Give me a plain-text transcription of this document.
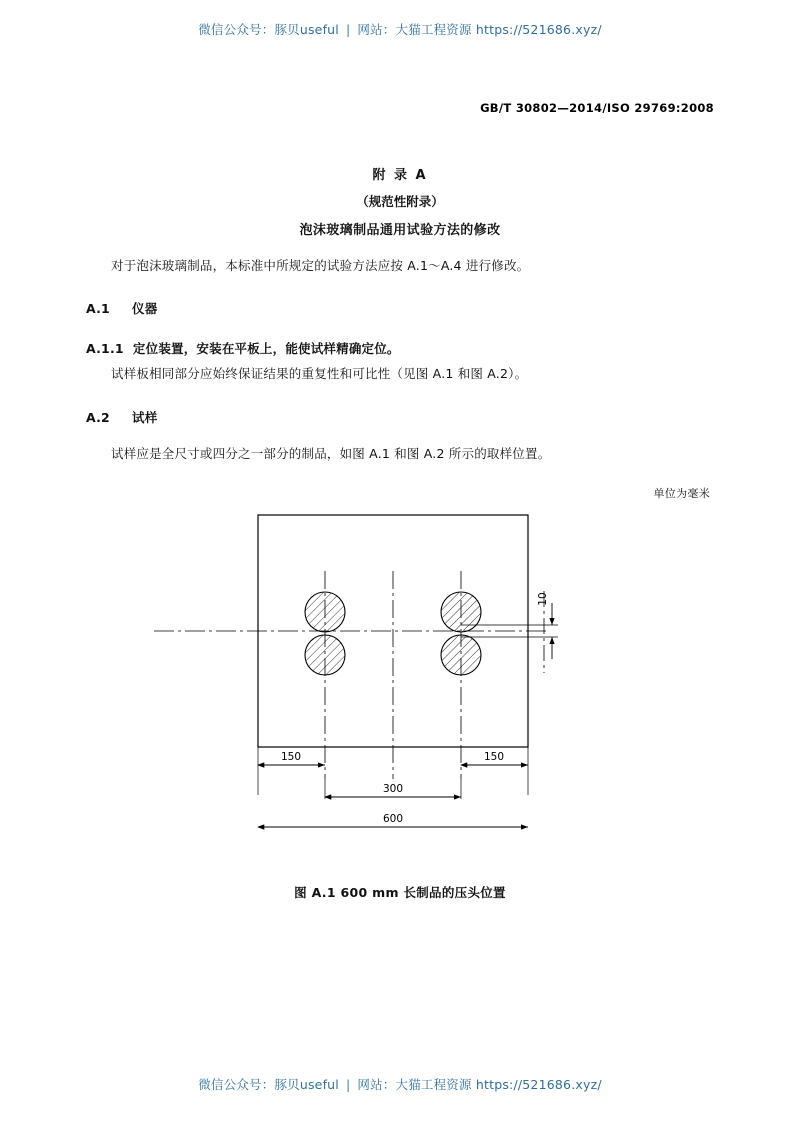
微信公众号：豚贝useful | 网站：大猫工程资源 https://521686.xyz/
GB/T 30802—2014/ISO 29769:2008
附 录 A
（规范性附录）
泡沫玻璃制品通用试验方法的修改

对于泡沫玻璃制品，本标准中所规定的试验方法应按 A.1～A.4 进行修改。

A.1 仪器

A.1.1 定位装置，安装在平板上，能使试样精确定位。

试样板相同部分应始终保证结果的重复性和可比性（见图 A.1 和图 A.2）。

A.2 试样

试样应是全尺寸或四分之一部分的制品，如图 A.1 和图 A.2 所示的取样位置。

单位为毫米
10
150	150
300
600
图 A.1 600 mm 长制品的压头位置
微信公众号：豚贝useful | 网站：大猫工程资源 https://521686.xyz/
